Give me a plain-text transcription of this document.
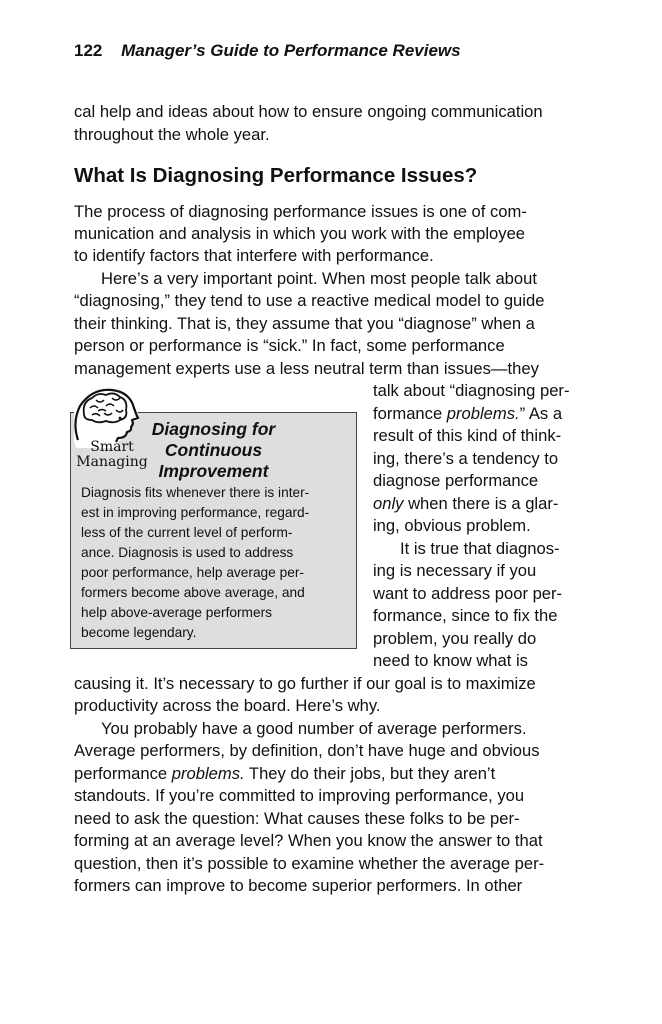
122 Manager’s Guide to Performance Reviews
cal help and ideas about how to ensure ongoing communication
throughout the whole year.
What Is Diagnosing Performance Issues?
The process of diagnosing performance issues is one of com-
munication and analysis in which you work with the employee
to identify factors that interfere with performance.
Here’s a very important point. When most people talk about
“diagnosing,” they tend to use a reactive medical model to guide
their thinking. That is, they assume that you “diagnose” when a
person or performance is “sick.” In fact, some performance
management experts use a less neutral term than issues—they
talk about “diagnosing per-
formance problems.” As a
result of this kind of think-
ing, there’s a tendency to
diagnose performance
only when there is a glar-
ing, obvious problem.
It is true that diagnos-
ing is necessary if you
want to address poor per-
formance, since to fix the
problem, you really do
need to know what is
causing it. It’s necessary to go further if our goal is to maximize
productivity across the board. Here’s why.
You probably have a good number of average performers.
Average performers, by definition, don’t have huge and obvious
performance problems. They do their jobs, but they aren’t
standouts. If you’re committed to improving performance, you
need to ask the question: What causes these folks to be per-
forming at an average level? When you know the answer to that
question, then it’s possible to examine whether the average per-
formers can improve to become superior performers. In other
Diagnosing for
Continuous
Improvement
Diagnosis fits whenever there is inter-
est in improving performance, regard-
less of the current level of perform-
ance. Diagnosis is used to address
poor performance, help average per-
formers become above average, and
help above-average performers
become legendary.
Smart
Managing
